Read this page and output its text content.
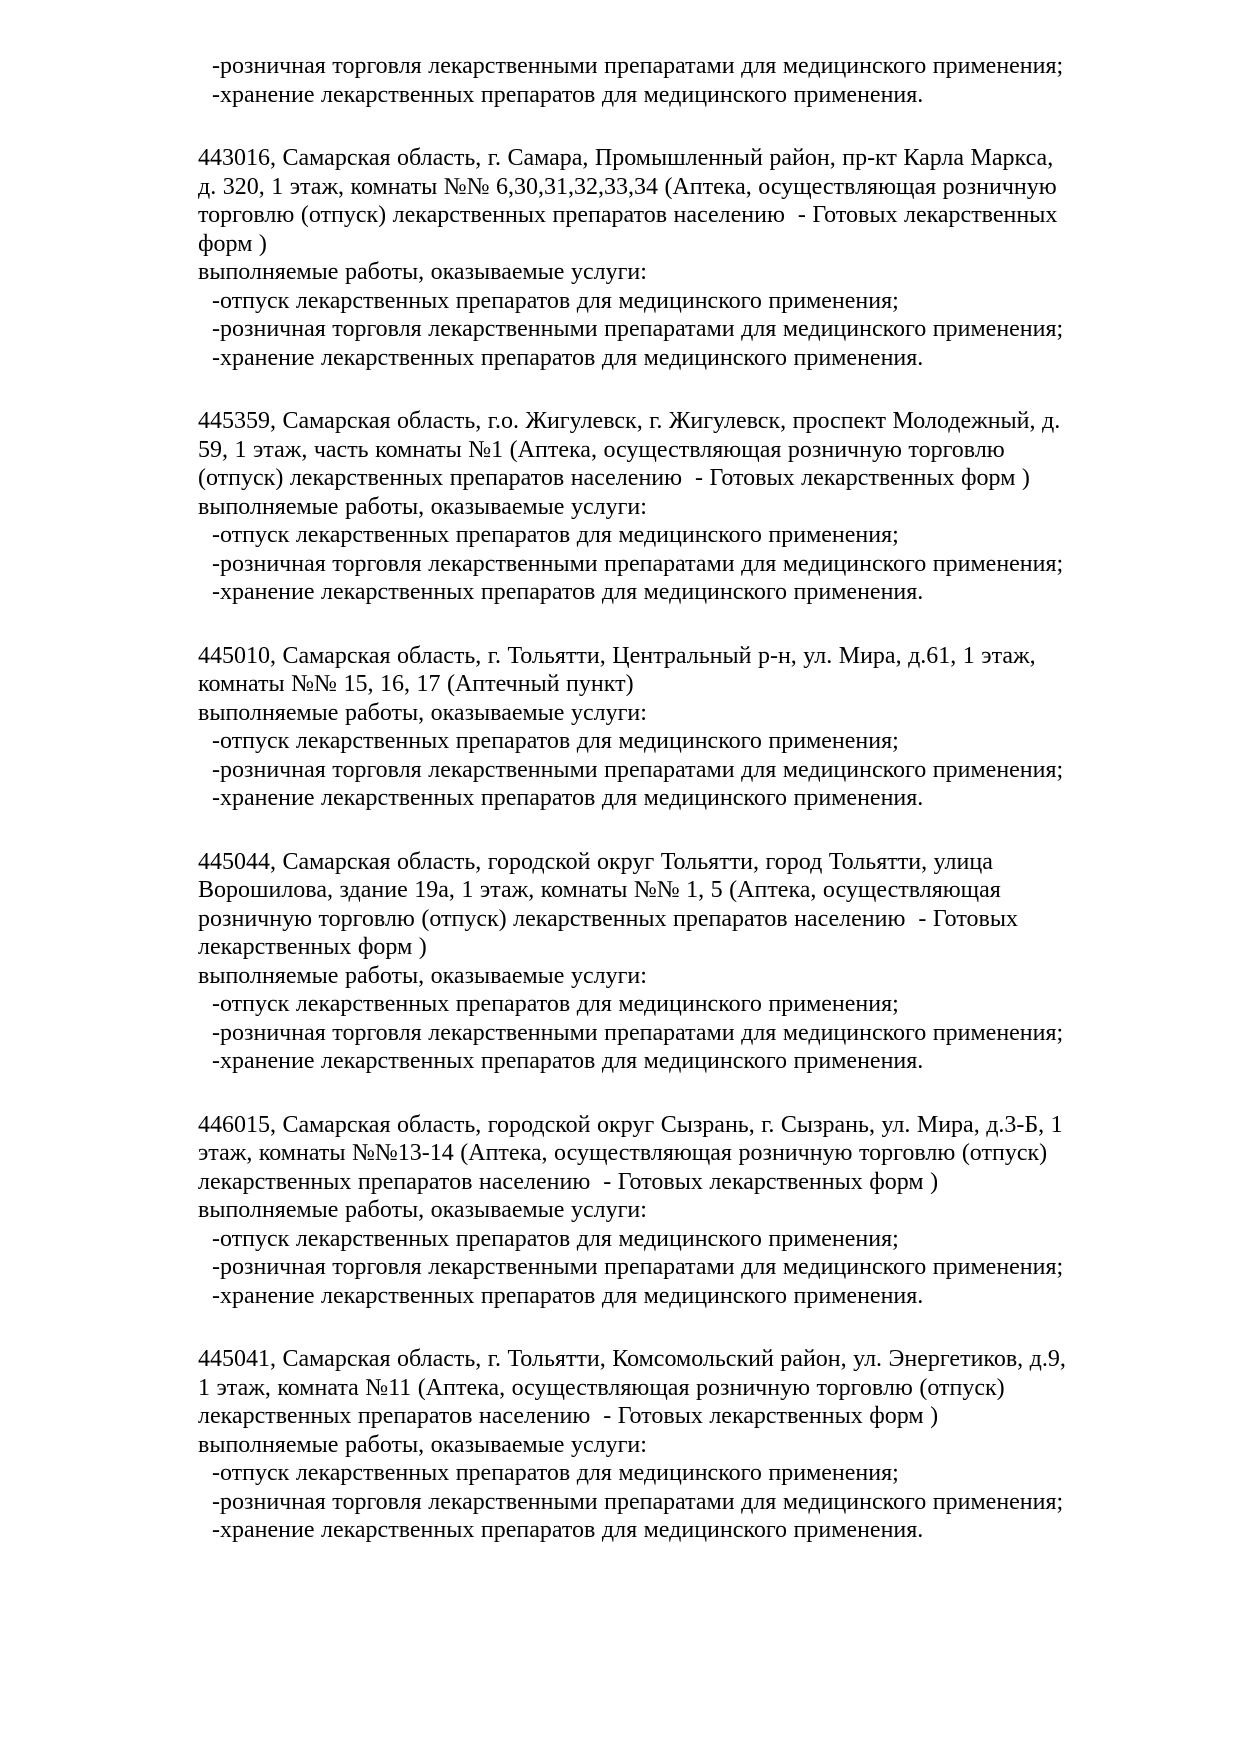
-розничная торговля лекарственными препаратами для медицинского применения;

-хранение лекарственных препаратов для медицинского применения.

443016, Самарская область, г. Самара, Промышленный район, пр-кт Карла Маркса, д. 320, 1 этаж, комнаты №№ 6,30,31,32,33,34 (Аптека, осуществляющая розничную торговлю (отпуск) лекарственных препаратов населению  - Готовых лекарственных форм )

выполняемые работы, оказываемые услуги:

-отпуск лекарственных препаратов для медицинского применения;

-розничная торговля лекарственными препаратами для медицинского применения;

-хранение лекарственных препаратов для медицинского применения.

445359, Самарская область, г.о. Жигулевск, г. Жигулевск, проспект Молодежный, д. 59, 1 этаж, часть комнаты №1 (Аптека, осуществляющая розничную торговлю (отпуск) лекарственных препаратов населению  - Готовых лекарственных форм )

выполняемые работы, оказываемые услуги:

-отпуск лекарственных препаратов для медицинского применения;

-розничная торговля лекарственными препаратами для медицинского применения;

-хранение лекарственных препаратов для медицинского применения.

445010, Самарская область, г. Тольятти, Центральный р-н, ул. Мира, д.61, 1 этаж, комнаты №№ 15, 16, 17 (Аптечный пункт)

выполняемые работы, оказываемые услуги:

-отпуск лекарственных препаратов для медицинского применения;

-розничная торговля лекарственными препаратами для медицинского применения;

-хранение лекарственных препаратов для медицинского применения.

445044, Самарская область, городской округ Тольятти, город Тольятти, улица Ворошилова, здание 19а, 1 этаж, комнаты №№ 1, 5 (Аптека, осуществляющая розничную торговлю (отпуск) лекарственных препаратов населению  - Готовых лекарственных форм )

выполняемые работы, оказываемые услуги:

-отпуск лекарственных препаратов для медицинского применения;

-розничная торговля лекарственными препаратами для медицинского применения;

-хранение лекарственных препаратов для медицинского применения.

446015, Самарская область, городской округ Сызрань, г. Сызрань, ул. Мира, д.3-Б, 1 этаж, комнаты №№13-14 (Аптека, осуществляющая розничную торговлю (отпуск) лекарственных препаратов населению  - Готовых лекарственных форм )

выполняемые работы, оказываемые услуги:

-отпуск лекарственных препаратов для медицинского применения;

-розничная торговля лекарственными препаратами для медицинского применения;

-хранение лекарственных препаратов для медицинского применения.

445041, Самарская область, г. Тольятти, Комсомольский район, ул. Энергетиков, д.9, 1 этаж, комната №11 (Аптека, осуществляющая розничную торговлю (отпуск) лекарственных препаратов населению  - Готовых лекарственных форм )

выполняемые работы, оказываемые услуги:

-отпуск лекарственных препаратов для медицинского применения;

-розничная торговля лекарственными препаратами для медицинского применения;

-хранение лекарственных препаратов для медицинского применения.
